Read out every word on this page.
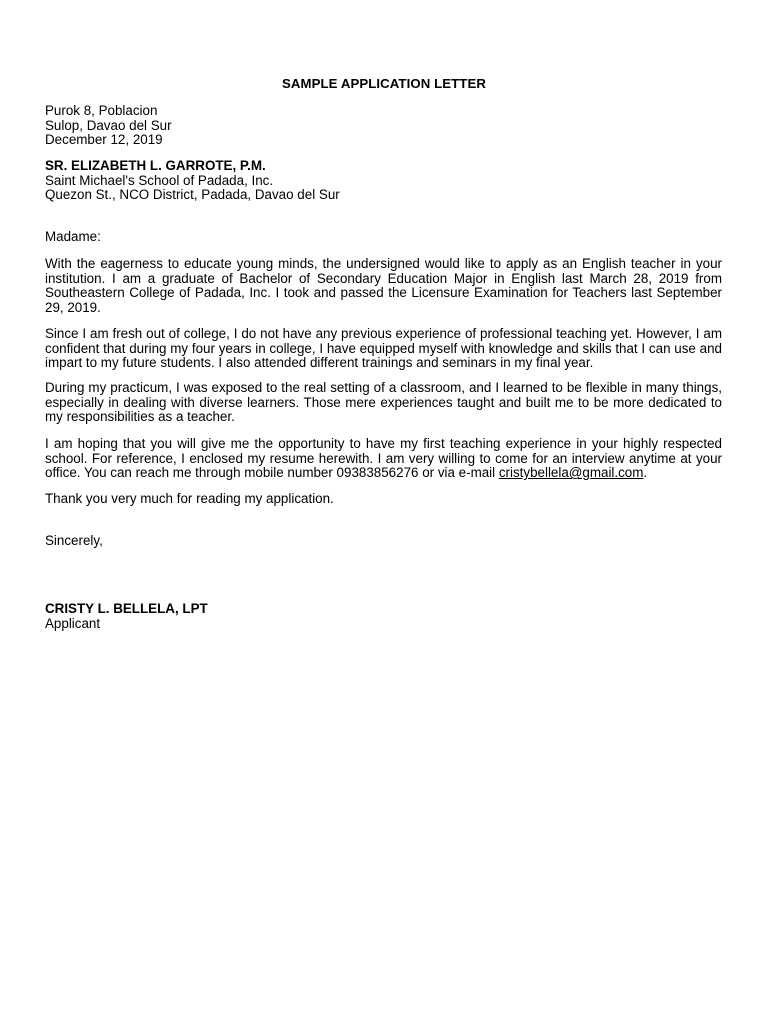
SAMPLE APPLICATION LETTER
Purok 8, Poblacion
Sulop, Davao del Sur
December 12, 2019
SR. ELIZABETH L. GARROTE, P.M.
Saint Michael's School of Padada, Inc.
Quezon St., NCO District, Padada, Davao del Sur
Madame:
With the eagerness to educate young minds, the undersigned would like to apply as an English teacher in your institution. I am a graduate of Bachelor of Secondary Education Major in English last March 28, 2019 from Southeastern College of Padada, Inc. I took and passed the Licensure Examination for Teachers last September 29, 2019.
Since I am fresh out of college, I do not have any previous experience of professional teaching yet. However, I am confident that during my four years in college, I have equipped myself with knowledge and skills that I can use and impart to my future students. I also attended different trainings and seminars in my final year.
During my practicum, I was exposed to the real setting of a classroom, and I learned to be flexible in many things, especially in dealing with diverse learners. Those mere experiences taught and built me to be more dedicated to my responsibilities as a teacher.
I am hoping that you will give me the opportunity to have my first teaching experience in your highly respected school. For reference, I enclosed my resume herewith. I am very willing to come for an interview anytime at your office. You can reach me through mobile number 09383856276 or via e-mail cristybellela@gmail.com.
Thank you very much for reading my application.
Sincerely,
CRISTY L. BELLELA, LPT
Applicant
